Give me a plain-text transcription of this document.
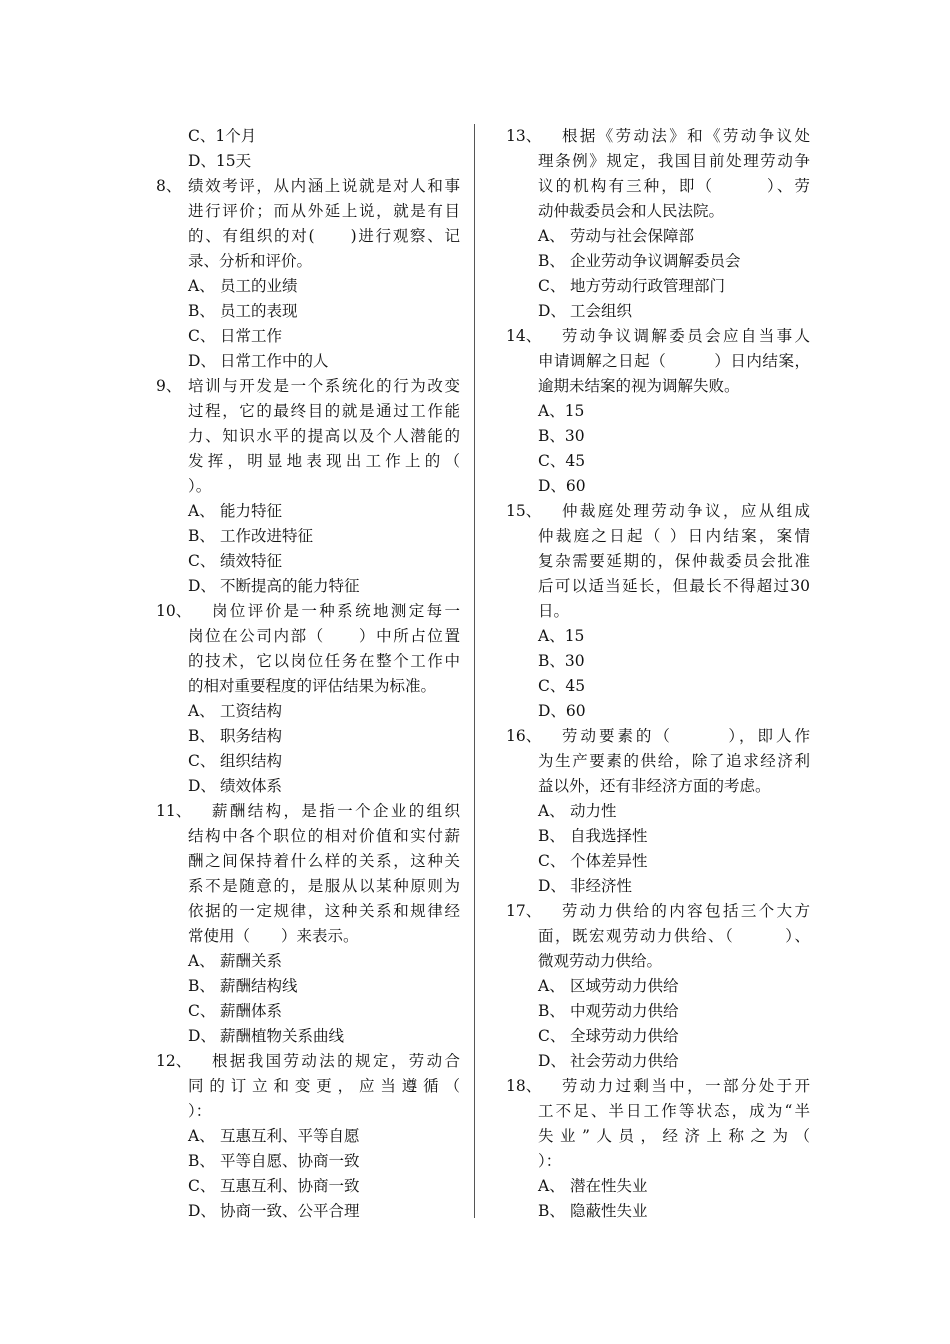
C、1个月
D、15天
8、 绩效考评，从内涵上说就是对人和事
进行评价；而从外延上说，就是有目
的、有组织的对(　　)进行观察、记
录、分析和评价。
A、 员工的业绩
B、 员工的表现
C、 日常工作
D、 日常工作中的人
9、 培训与开发是一个系统化的行为改变
过程，它的最终目的就是通过工作能
力、知识水平的提高以及个人潜能的
发挥，明显地表现出工作上的（
）。
A、 能力特征
B、 工作改进特征
C、 绩效特征
D、 不断提高的能力特征
10、	岗位评价是一种系统地测定每一
岗位在公司内部（　　）中所占位置
的技术，它以岗位任务在整个工作中
的相对重要程度的评估结果为标准。
A、 工资结构
B、 职务结构
C、 组织结构
D、 绩效体系
11、	薪酬结构，是指一个企业的组织
结构中各个职位的相对价值和实付薪
酬之间保持着什么样的关系，这种关
系不是随意的，是服从以某种原则为
依据的一定规律，这种关系和规律经
常使用（　　）来表示。
A、 薪酬关系
B、 薪酬结构线
C、 薪酬体系
D、 薪酬植物关系曲线
12、	根据我国劳动法的规定，劳动合
同的订立和变更，应当遵循（
）：
A、 互惠互利、平等自愿
B、 平等自愿、协商一致
C、 互惠互利、协商一致
D、 协商一致、公平合理
13、	根据《劳动法》和《劳动争议处
理条例》规定，我国目前处理劳动争
议的机构有三种，即（　　　）、劳
动仲裁委员会和人民法院。
A、 劳动与社会保障部
B、 企业劳动争议调解委员会
C、 地方劳动行政管理部门
D、 工会组织
14、	劳动争议调解委员会应自当事人
申请调解之日起（　　　）日内结案，
逾期未结案的视为调解失败。
A、15
B、30
C、45
D、60
15、	仲裁庭处理劳动争议，应从组成
仲裁庭之日起（ ）日内结案，案情
复杂需要延期的，保仲裁委员会批准
后可以适当延长，但最长不得超过30
日。
A、15
B、30
C、45
D、60
16、	劳动要素的（　　　），即人作
为生产要素的供给，除了追求经济利
益以外，还有非经济方面的考虑。
A、 动力性
B、 自我选择性
C、 个体差异性
D、 非经济性
17、	劳动力供给的内容包括三个大方
面，既宏观劳动力供给、（　　　）、
微观劳动力供给。
A、 区域劳动力供给
B、 中观劳动力供给
C、 全球劳动力供给
D、 社会劳动力供给
18、	劳动力过剩当中，一部分处于开
工不足、半日工作等状态，成为“半
失业”人员，经济上称之为（
）：
A、 潜在性失业
B、 隐蔽性失业
